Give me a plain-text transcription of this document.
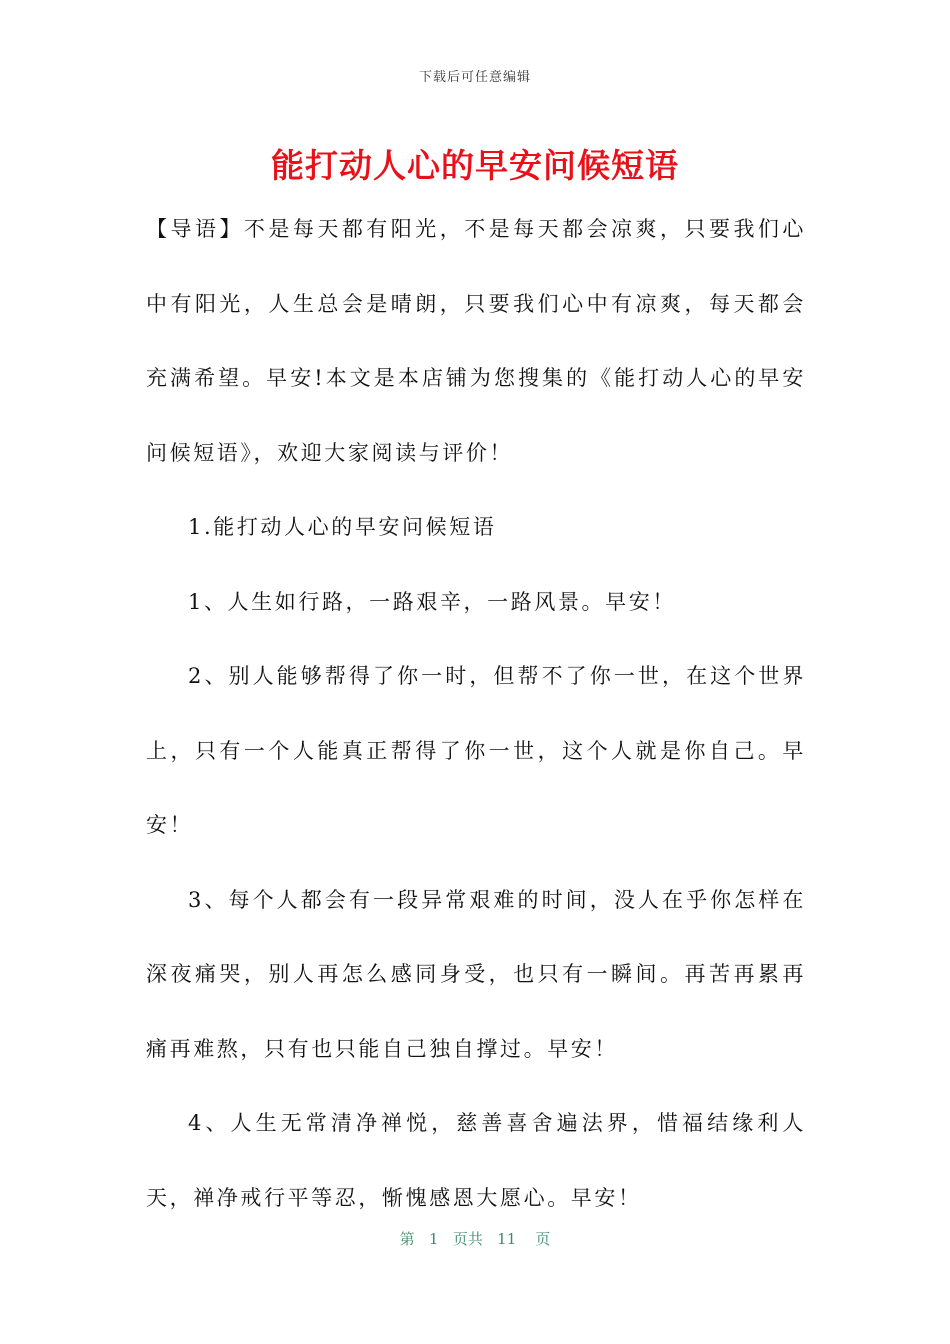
下载后可任意编辑
能打动人心的早安问候短语

【导语】不是每天都有阳光，不是每天都会凉爽，只要我们心中有阳光，人生总会是晴朗，只要我们心中有凉爽，每天都会充满希望。早安!本文是本店铺为您搜集的《能打动人心的早安问候短语》，欢迎大家阅读与评价！

1.能打动人心的早安问候短语

1、人生如行路，一路艰辛，一路风景。早安！

2、别人能够帮得了你一时，但帮不了你一世，在这个世界上，只有一个人能真正帮得了你一世，这个人就是你自己。早安！

3、每个人都会有一段异常艰难的时间，没人在乎你怎样在深夜痛哭，别人再怎么感同身受，也只有一瞬间。再苦再累再痛再难熬，只有也只能自己独自撑过。早安！

4、人生无常清净禅悦，慈善喜舍遍法界，惜福结缘利人天，禅净戒行平等忍，惭愧感恩大愿心。早安！

第 1 页共 11 页
